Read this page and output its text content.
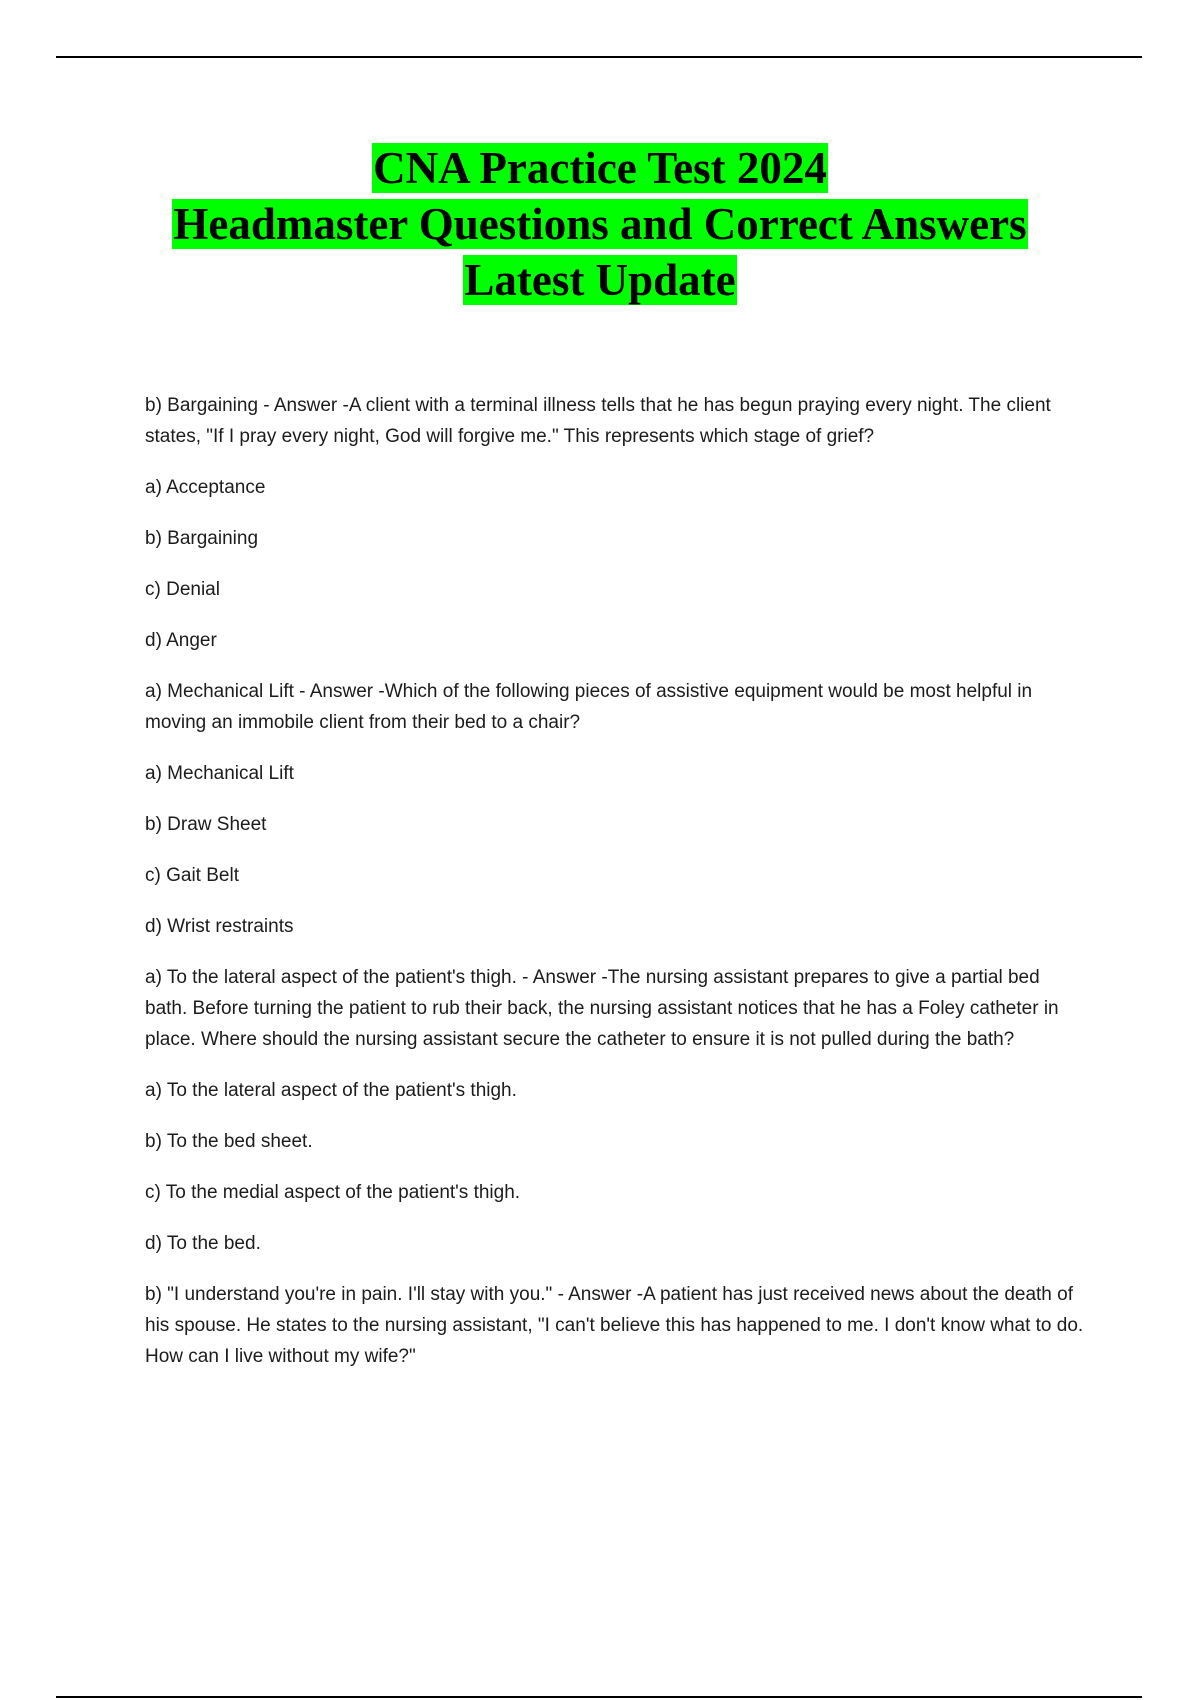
CNA Practice Test 2024
Headmaster Questions and Correct Answers
Latest Update

b) Bargaining - Answer -A client with a terminal illness tells that he has begun praying every night. The client states, "If I pray every night, God will forgive me." This represents which stage of grief?

a) Acceptance

b) Bargaining

c) Denial

d) Anger

a) Mechanical Lift - Answer -Which of the following pieces of assistive equipment would be most helpful in moving an immobile client from their bed to a chair?

a) Mechanical Lift

b) Draw Sheet

c) Gait Belt

d) Wrist restraints

a) To the lateral aspect of the patient's thigh. - Answer -The nursing assistant prepares to give a partial bed bath. Before turning the patient to rub their back, the nursing assistant notices that he has a Foley catheter in place. Where should the nursing assistant secure the catheter to ensure it is not pulled during the bath?

a) To the lateral aspect of the patient's thigh.

b) To the bed sheet.

c) To the medial aspect of the patient's thigh.

d) To the bed.

b) "I understand you're in pain. I'll stay with you." - Answer -A patient has just received news about the death of his spouse. He states to the nursing assistant, "I can't believe this has happened to me. I don't know what to do. How can I live without my wife?"
